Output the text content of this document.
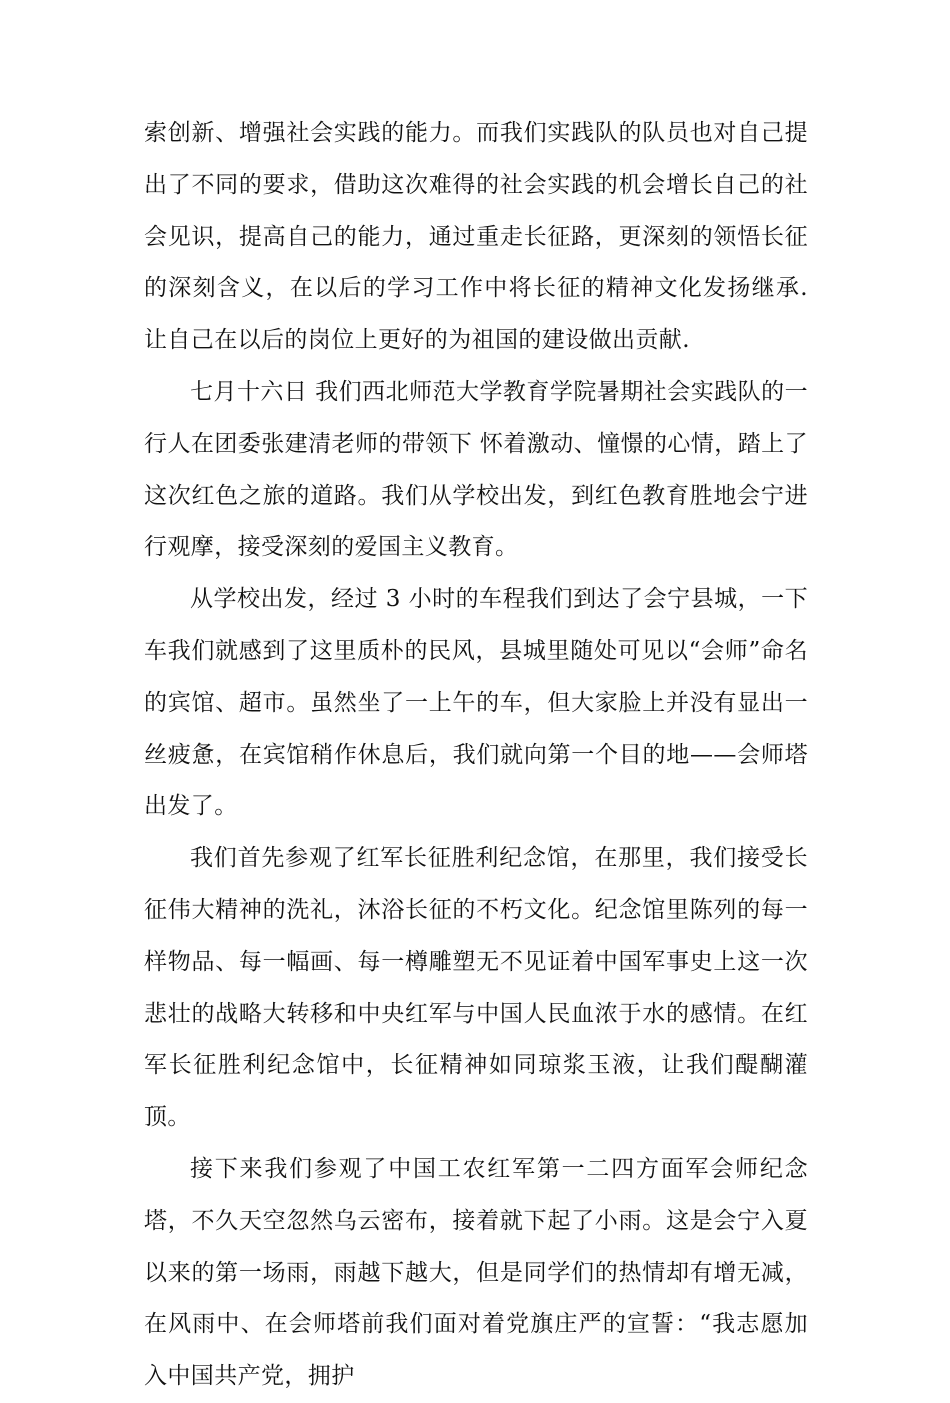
索创新、增强社会实践的能力。而我们实践队的队员也对自己提出了不同的要求，借助这次难得的社会实践的机会增长自己的社会见识，提高自己的能力，通过重走长征路，更深刻的领悟长征的深刻含义，在以后的学习工作中将长征的精神文化发扬继承. 让自己在以后的岗位上更好的为祖国的建设做出贡献.

七月十六日 我们西北师范大学教育学院暑期社会实践队的一行人在团委张建清老师的带领下 怀着激动、憧憬的心情，踏上了这次红色之旅的道路。我们从学校出发，到红色教育胜地会宁进行观摩，接受深刻的爱国主义教育。

从学校出发，经过 3 小时的车程我们到达了会宁县城，一下车我们就感到了这里质朴的民风，县城里随处可见以“会师”命名的宾馆、超市。虽然坐了一上午的车，但大家脸上并没有显出一丝疲惫，在宾馆稍作休息后，我们就向第一个目的地——会师塔出发了。

我们首先参观了红军长征胜利纪念馆，在那里，我们接受长征伟大精神的洗礼，沐浴长征的不朽文化。纪念馆里陈列的每一样物品、每一幅画、每一樽雕塑无不见证着中国军事史上这一次悲壮的战略大转移和中央红军与中国人民血浓于水的感情。在红军长征胜利纪念馆中，长征精神如同琼浆玉液，让我们醍醐灌顶。

接下来我们参观了中国工农红军第一二四方面军会师纪念塔，不久天空忽然乌云密布，接着就下起了小雨。这是会宁入夏以来的第一场雨，雨越下越大，但是同学们的热情却有增无减，在风雨中、在会师塔前我们面对着党旗庄严的宣誓：“我志愿加入中国共产党，拥护
